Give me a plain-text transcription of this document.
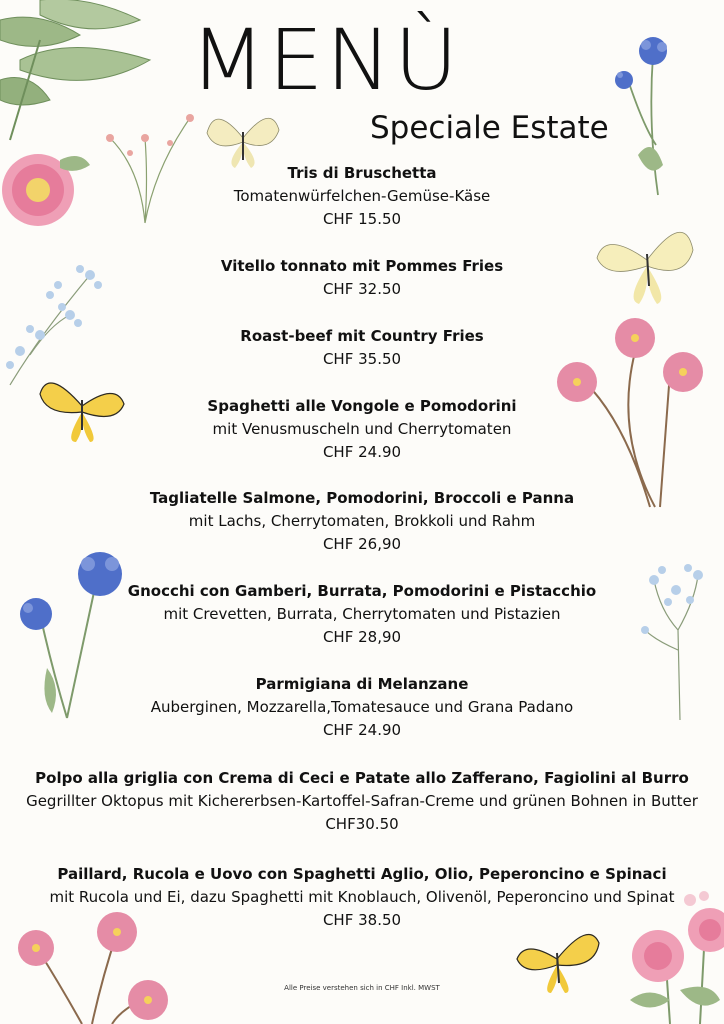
MENÙ
Speciale Estate
Tris di Bruschetta
Tomatenwürfelchen-Gemüse-Käse
CHF 15.50
Vitello tonnato mit Pommes Fries
CHF 32.50
Roast-beef mit Country Fries
CHF 35.50
Spaghetti alle Vongole e Pomodorini
mit Venusmuscheln und Cherrytomaten
CHF 24.90
Tagliatelle Salmone, Pomodorini, Broccoli e Panna
mit Lachs, Cherrytomaten, Brokkoli und Rahm
CHF 26,90
Gnocchi con Gamberi, Burrata, Pomodorini e Pistacchio
mit Crevetten, Burrata, Cherrytomaten und Pistazien
CHF 28,90
Parmigiana di Melanzane
Auberginen, Mozzarella,Tomatesauce und Grana Padano
CHF 24.90
Polpo alla griglia con Crema di Ceci e Patate allo Zafferano, Fagiolini al Burro
Gegrillter Oktopus mit Kichererbsen-Kartoffel-Safran-Creme und grünen Bohnen in Butter
CHF30.50
Paillard, Rucola e Uovo con Spaghetti Aglio, Olio, Peperoncino e Spinaci
mit Rucola und Ei, dazu Spaghetti mit Knoblauch, Olivenöl, Peperoncino und Spinat
CHF 38.50
Alle Preise verstehen sich in CHF Inkl. MWST
